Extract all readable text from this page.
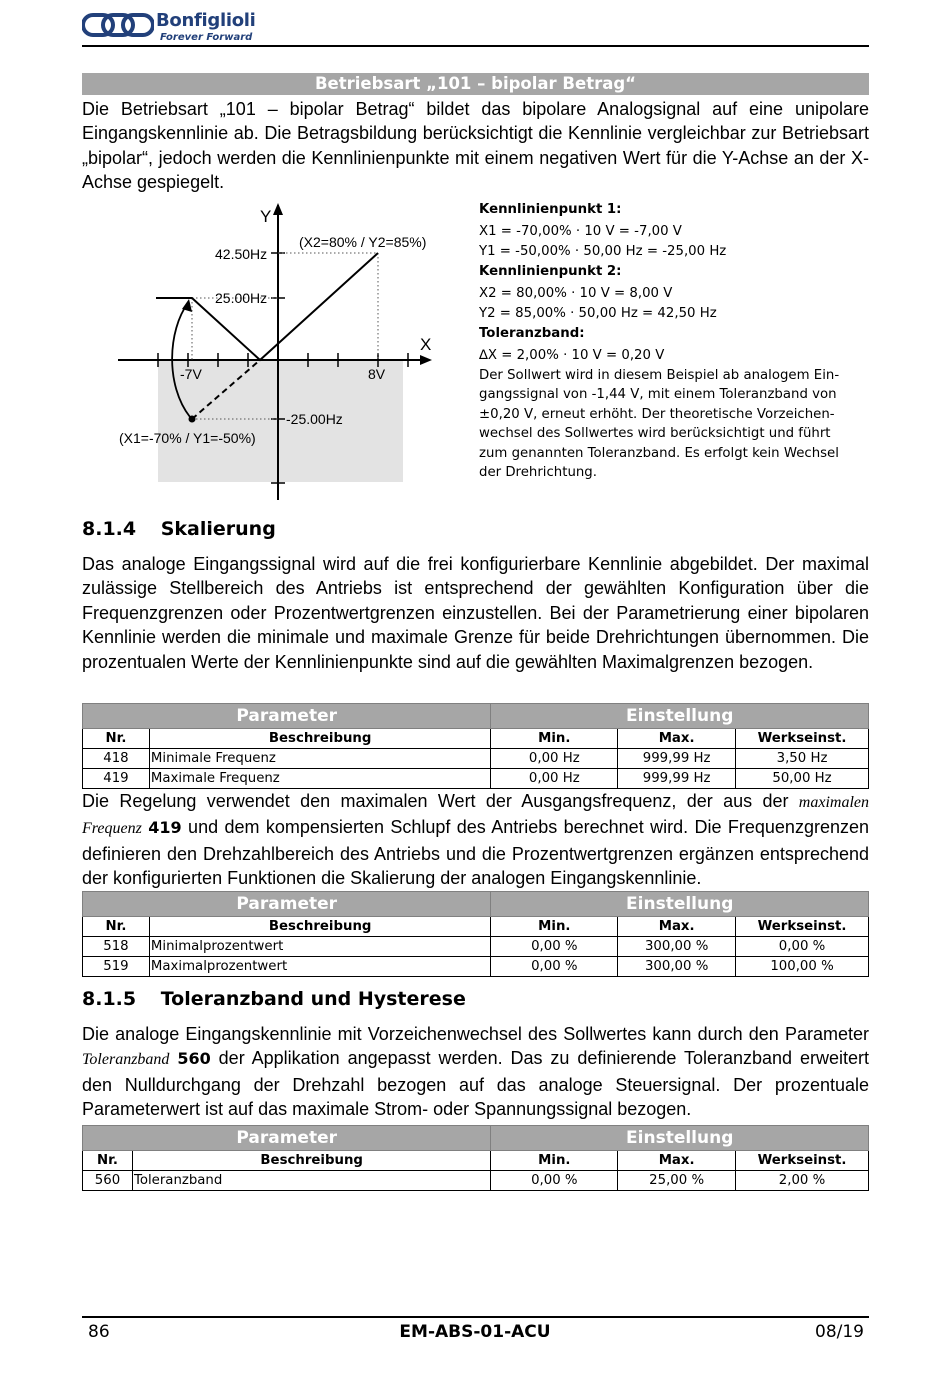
Bonfiglioli
Forever Forward
Betriebsart „101 – bipolar Betrag“

Die Betriebsart „101 – bipolar Betrag“ bildet das bipolare Analogsignal auf eine unipolare Eingangskennlinie ab. Die Betragsbildung berücksichtigt die Kennlinie vergleichbar zur Betriebsart „bipolar“, jedoch werden die Kennlinienpunkte mit einem negativen Wert für die Y-Achse an der X-Achse gespiegelt.

Y
X
42.50Hz
25.00Hz
-25.00Hz
-7V	8V
(X2=80% / Y2=85%)
(X1=-70% / Y1=-50%)
Kennlinienpunkt 1:
X1 = -70,00% · 10 V = -7,00 V
Y1 = -50,00% · 50,00 Hz = -25,00 Hz
Kennlinienpunkt 2:
X2 = 80,00% · 10 V = 8,00 V
Y2 = 85,00% · 50,00 Hz = 42,50 Hz
Toleranzband:
∆X = 2,00% · 10 V = 0,20 V
Der Sollwert wird in diesem Beispiel ab analogem Ein-
gangssignal von -1,44 V, mit einem Toleranzband von
±0,20 V, erneut erhöht. Der theoretische Vorzeichen-
wechsel des Sollwertes wird berücksichtigt und führt
zum genannten Toleranzband. Es erfolgt kein Wechsel
der Drehrichtung.
8.1.4 Skalierung

Das analoge Eingangssignal wird auf die frei konfigurierbare Kennlinie abgebildet. Der maximal zulässige Stellbereich des Antriebs ist entsprechend der gewählten Konfiguration über die Frequenzgrenzen oder Prozentwertgrenzen einzustellen. Bei der Parametrierung einer bipolaren Kennlinie werden die minimale und maximale Grenze für beide Drehrichtungen übernommen. Die prozentualen Werte der Kennlinienpunkte sind auf die gewählten Maximalgrenzen bezogen.

Parameter		Einstellung		
Nr.	Beschreibung	Min.	Max.	Werkseinst.
418	Minimale Frequenz	0,00 Hz	999,99 Hz	3,50 Hz
419	Maximale Frequenz	0,00 Hz	999,99 Hz	50,00 Hz

Die Regelung verwendet den maximalen Wert der Ausgangsfrequenz, der aus der maximalen Frequenz 419 und dem kompensierten Schlupf des Antriebs berechnet wird. Die Frequenzgrenzen definieren den Drehzahlbereich des Antriebs und die Prozentwertgrenzen ergänzen entsprechend der konfigurierten Funktionen die Skalierung der analogen Eingangskennlinie.

Parameter		Einstellung		
Nr.	Beschreibung	Min.	Max.	Werkseinst.
518	Minimalprozentwert	0,00 %	300,00 %	0,00 %
519	Maximalprozentwert	0,00 %	300,00 %	100,00 %
8.1.5 Toleranzband und Hysterese

Die analoge Eingangskennlinie mit Vorzeichenwechsel des Sollwertes kann durch den Parameter Toleranzband 560 der Applikation angepasst werden. Das zu definierende Toleranzband erweitert den Nulldurchgang der Drehzahl bezogen auf das analoge Steuersignal. Der prozentuale Parameterwert ist auf das maximale Strom- oder Spannungssignal bezogen.

Parameter		Einstellung		
Nr.	Beschreibung	Min.	Max.	Werkseinst.
560	Toleranzband	0,00 %	25,00 %	2,00 %
86	EM-ABS-01-ACU	08/19
